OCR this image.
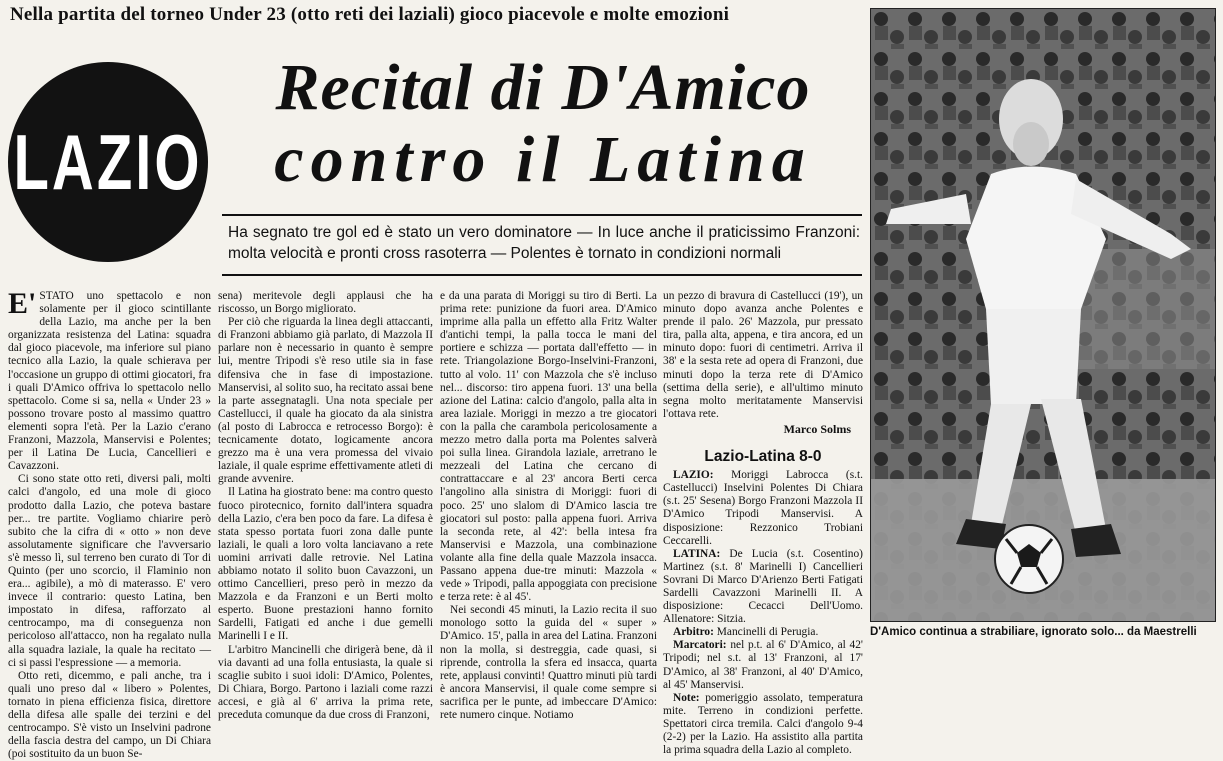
Nella partita del torneo Under 23 (otto reti dei laziali) gioco piacevole e molte emozioni
LAZIO
Recital di D'Amico
contro il Latina
Ha segnato tre gol ed è stato un vero dominatore — In luce anche il praticissimo Franzoni: molta velocità e pronti cross rasoterra — Polentes è tornato in condizioni normali

E' STATO uno spettacolo e non solamente per il gioco scintillante della Lazio, ma anche per la ben organizzata resistenza del Latina: squadra dal gioco piacevole, ma inferiore sul piano tecnico alla Lazio, la quale schierava per l'occasione un gruppo di ottimi giocatori, fra i quali D'Amico offriva lo spettacolo nello spettacolo. Come si sa, nella « Under 23 » possono trovare posto al massimo quattro elementi sopra l'età. Per la Lazio c'erano Franzoni, Mazzola, Manservisi e Polentes; per il Latina De Lucia, Cancellieri e Cavazzoni.

Ci sono state otto reti, diversi pali, molti calci d'angolo, ed una mole di gioco prodotto dalla Lazio, che poteva bastare per... tre partite. Vogliamo chiarire però subito che la cifra di « otto » non deve assolutamente significare che l'avversario s'è messo lì, sul terreno ben curato di Tor di Quinto (per uno scorcio, il Flaminio non era... agibile), a mò di materasso. E' vero invece il contrario: questo Latina, ben impostato in difesa, rafforzato al centrocampo, ma di conseguenza non pericoloso all'attacco, non ha regalato nulla alla squadra laziale, la quale ha recitato — ci si passi l'espressione — a memoria.

Otto reti, dicemmo, e pali anche, tra i quali uno preso dal « libero » Polentes, tornato in piena efficienza fisica, direttore della difesa alle spalle dei terzini e del centrocampo. S'è visto un Inselvini padrone della fascia destra del campo, un Di Chiara (poi sostituito da un buon Se-

sena) meritevole degli applausi che ha riscosso, un Borgo migliorato.

Per ciò che riguarda la linea degli attaccanti, di Franzoni abbiamo già parlato, di Mazzola II parlare non è necessario in quanto è sempre lui, mentre Tripodi s'è reso utile sia in fase difensiva che in fase di impostazione. Manservisi, al solito suo, ha recitato assai bene la parte assegnatagli. Una nota speciale per Castellucci, il quale ha giocato da ala sinistra (al posto di Labrocca e retrocesso Borgo): è tecnicamente dotato, logicamente ancora grezzo ma è una vera promessa del vivaio laziale, il quale esprime effettivamente atleti di grande avvenire.

Il Latina ha giostrato bene: ma contro questo fuoco pirotecnico, fornito dall'intera squadra della Lazio, c'era ben poco da fare. La difesa è stata spesso portata fuori zona dalle punte laziali, le quali a loro volta lanciavano a rete uomini arrivati dalle retrovie. Nel Latina abbiamo notato il solito buon Cavazzoni, un ottimo Cancellieri, preso però in mezzo da Mazzola e da Franzoni e un Berti molto esperto. Buone prestazioni hanno fornito Sardelli, Fatigati ed anche i due gemelli Marinelli I e II.

L'arbitro Mancinelli che dirigerà bene, dà il via davanti ad una folla entusiasta, la quale si scaglie subito i suoi idoli: D'Amico, Polentes, Di Chiara, Borgo. Partono i laziali come razzi accesi, e già al 6' arriva la prima rete, preceduta comunque da due cross di Franzoni,

e da una parata di Moriggi su tiro di Berti. La prima rete: punizione da fuori area. D'Amico imprime alla palla un effetto alla Fritz Walter d'antichi tempi, la palla tocca le mani del portiere e schizza — portata dall'effetto — in rete. Triangolazione Borgo-Inselvini-Franzoni, tutto al volo. 11' con Mazzola che s'è incluso nel... discorso: tiro appena fuori. 13' una bella azione del Latina: calcio d'angolo, palla alta in area laziale. Moriggi in mezzo a tre giocatori con la palla che carambola pericolosamente a mezzo metro dalla porta ma Polentes salverà poi sulla linea. Girandola laziale, arretrano le mezzeali del Latina che cercano di contrattaccare e al 23' ancora Berti cerca l'angolino alla sinistra di Moriggi: fuori di poco. 25' uno slalom di D'Amico lascia tre giocatori sul posto: palla appena fuori. Arriva la seconda rete, al 42': bella intesa fra Manservisi e Mazzola, una combinazione volante alla fine della quale Mazzola insacca. Passano appena due-tre minuti: Mazzola « vede » Tripodi, palla appoggiata con precisione e terza rete: è al 45'.

Nei secondi 45 minuti, la Lazio recita il suo monologo sotto la guida del « super » D'Amico. 15', palla in area del Latina. Franzoni non la molla, si destreggia, cade quasi, si riprende, controlla la sfera ed insacca, quarta rete, applausi convinti! Quattro minuti più tardi è ancora Manservisi, il quale come sempre si sacrifica per le punte, ad imbeccare D'Amico: rete numero cinque. Notiamo

un pezzo di bravura di Castellucci (19'), un minuto dopo avanza anche Polentes e prende il palo. 26' Mazzola, pur pressato tira, palla alta, appena, e tira ancora, ed un minuto dopo: fuori di centimetri. Arriva il 38' e la sesta rete ad opera di Franzoni, due minuti dopo la terza rete di D'Amico (settima della serie), e all'ultimo minuto segna molto meritatamente Manservisi l'ottava rete.

Marco Solms
Lazio-Latina 8-0

LAZIO: Moriggi Labrocca (s.t. Castellucci) Inselvini Polentes Di Chiara (s.t. 25' Sesena) Borgo Franzoni Mazzola II D'Amico Tripodi Manservisi. A disposizione: Rezzonico Trobiani Ceccarelli.

LATINA: De Lucia (s.t. Cosentino) Martinez (s.t. 8' Marinelli I) Cancellieri Sovrani Di Marco D'Arienzo Berti Fatigati Sardelli Cavazzoni Marinelli II. A disposizione: Cecacci Dell'Uomo. Allenatore: Sitzia.

Arbitro: Mancinelli di Perugia.

Marcatori: nel p.t. al 6' D'Amico, al 42' Tripodi; nel s.t. al 13' Franzoni, al 17' D'Amico, al 38' Franzoni, al 40' D'Amico, al 45' Manservisi.

Note: pomeriggio assolato, temperatura mite. Terreno in condizioni perfette. Spettatori circa tremila. Calci d'angolo 9-4 (2-2) per la Lazio. Ha assistito alla partita la prima squadra della Lazio al completo.

D'Amico continua a strabiliare, ignorato solo... da Maestrelli
